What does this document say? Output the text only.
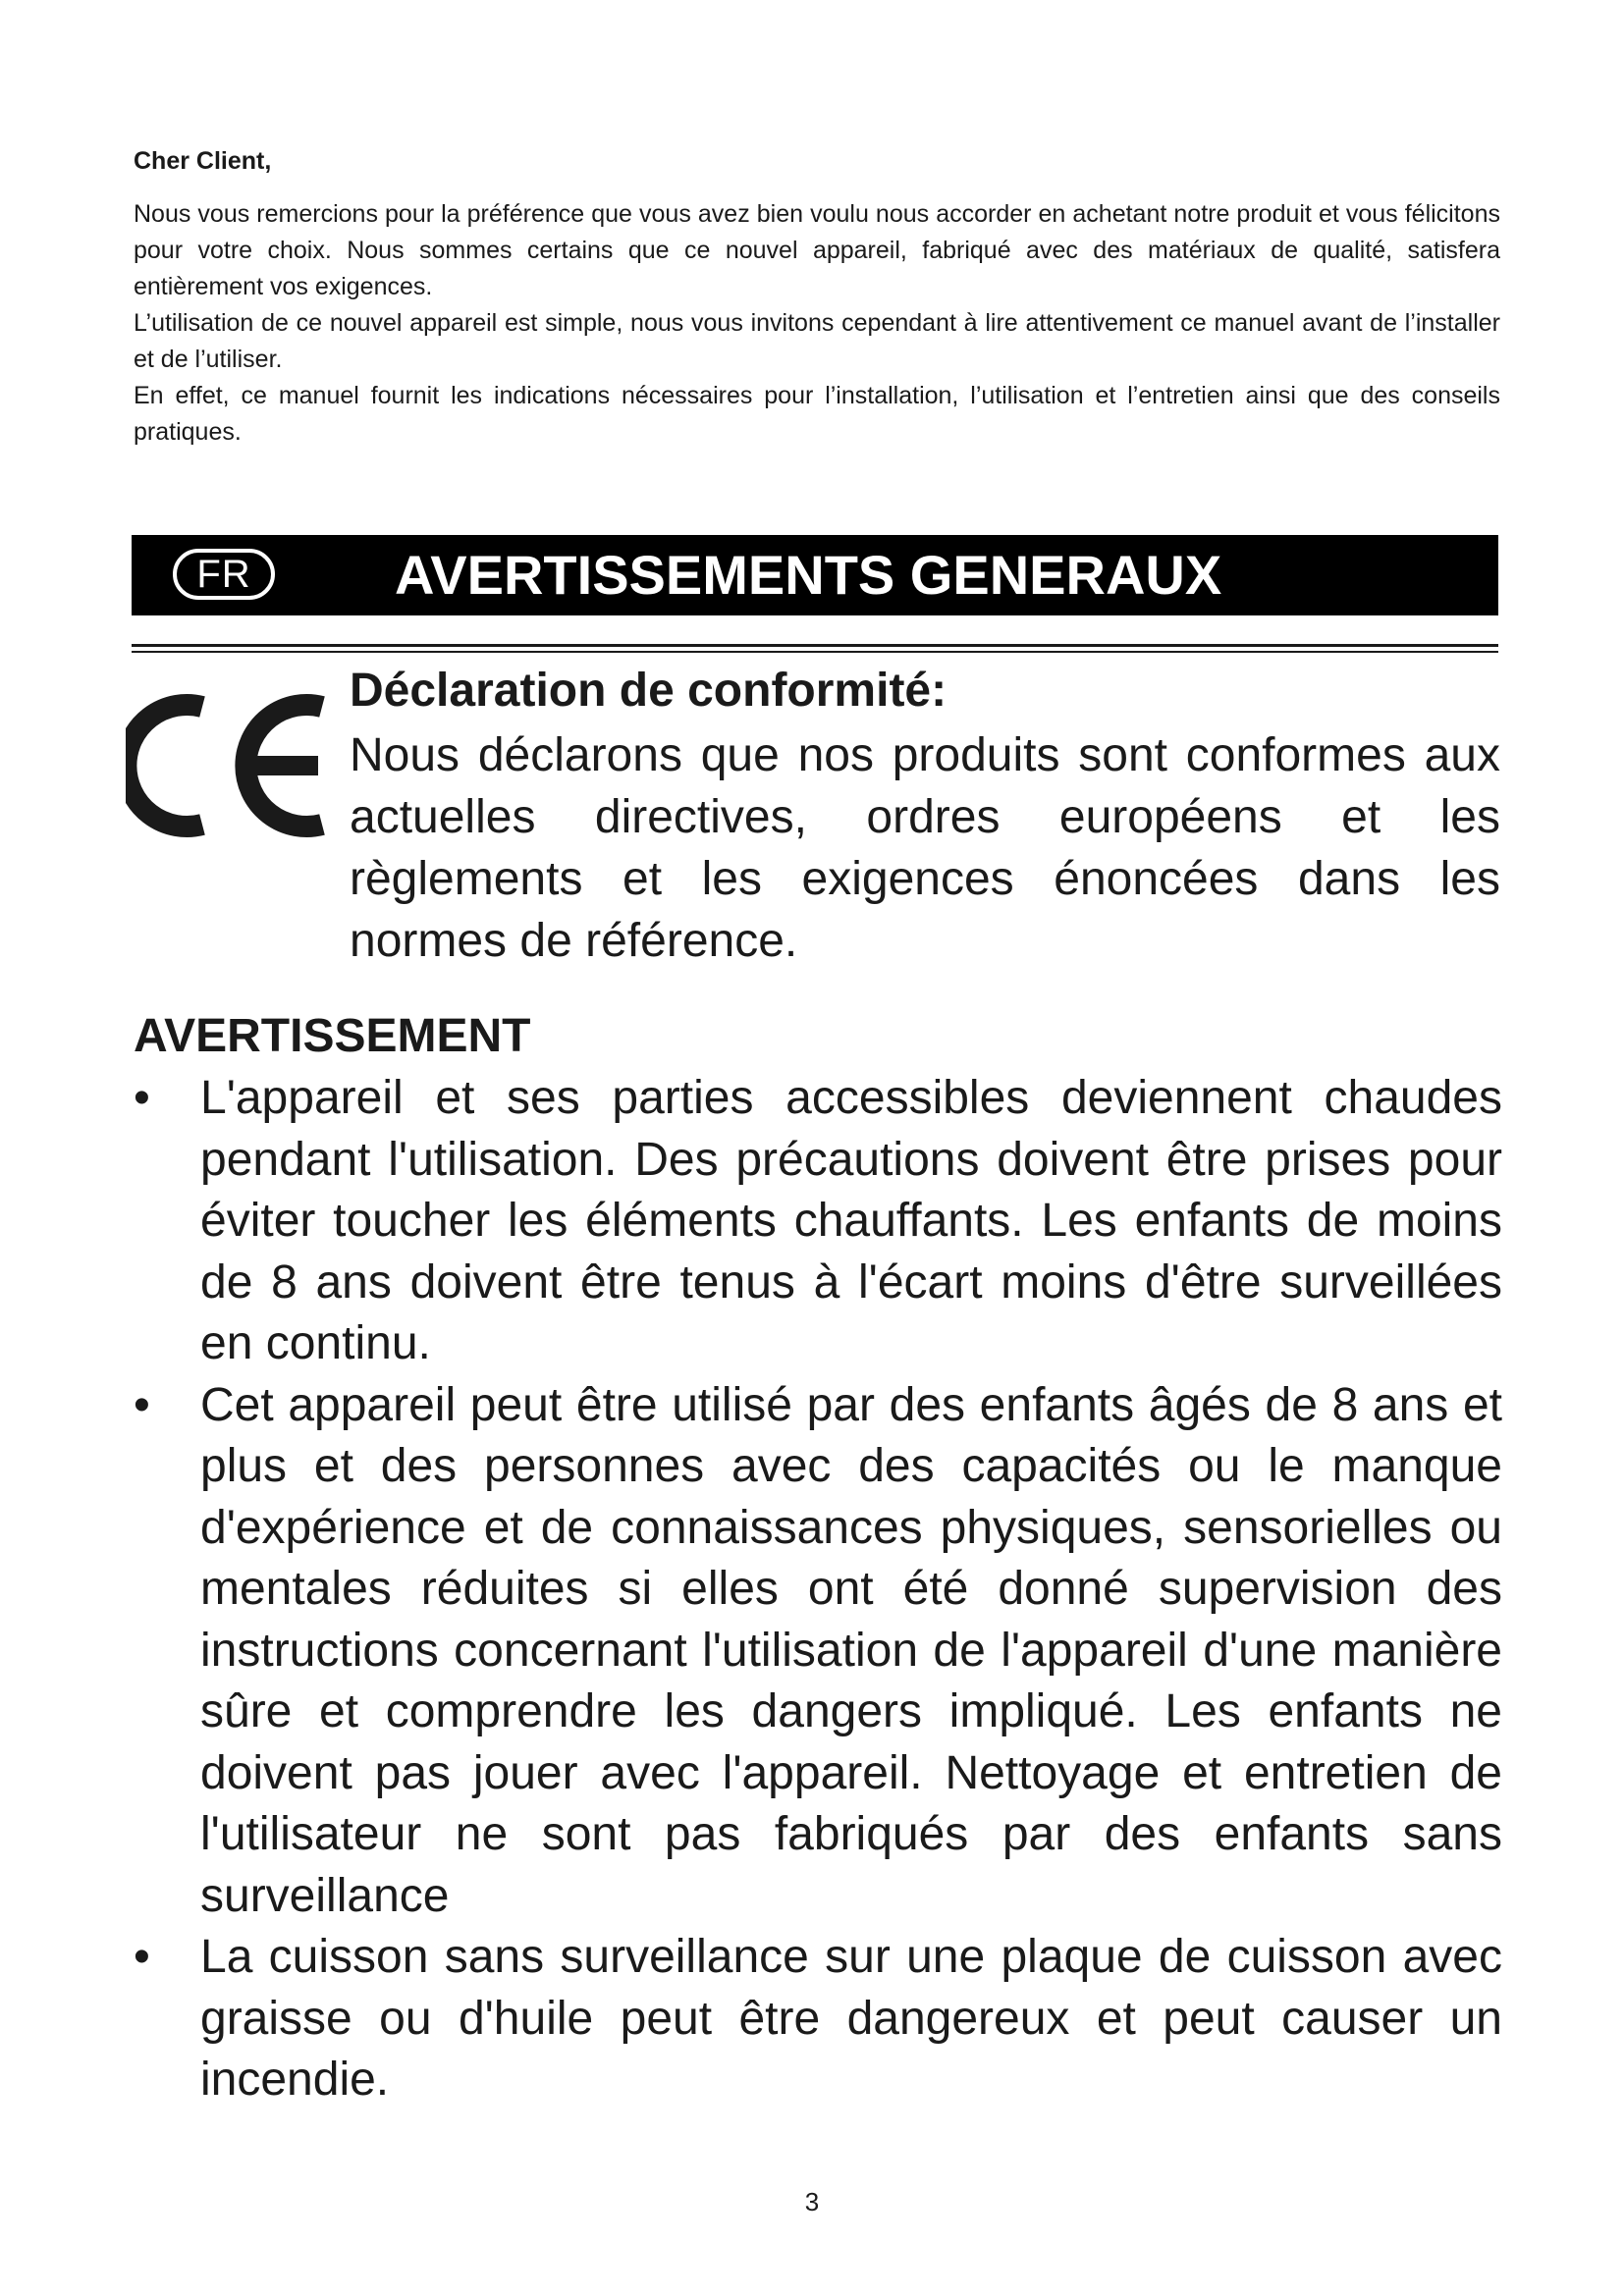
Cher Client,

Nous vous remercions pour la préférence que vous avez bien voulu nous accorder en achetant notre produit et vous félicitons pour votre choix. Nous sommes certains que ce nouvel appareil, fabriqué avec des matériaux de qualité, satisfera entièrement vos exigences.

L’utilisation de ce nouvel appareil est simple, nous vous invitons cependant à lire attentivement ce manuel avant de l’installer et de l’utiliser.

En effet, ce manuel fournit les indications nécessaires pour l’installation, l’utilisation et l’entretien ainsi que des conseils pratiques.

FR	AVERTISSEMENTS GENERAUX
Déclaration de conformité:

Nous déclarons que nos produits sont conformes aux actuelles directives, ordres européens et les règlements et les exigences énoncées dans les normes de référence.

AVERTISSEMENT
•	L'appareil et ses parties accessibles deviennent chaudes pendant l'utilisation. Des précautions doivent être prises pour éviter toucher les éléments chauffants. Les enfants de moins de 8 ans doivent être tenus à l'écart moins d'être surveillées en continu.
•	Cet appareil peut être utilisé par des enfants âgés de 8 ans et plus et des personnes avec des capacités ou le manque d'expérience et de connaissances physiques, sensorielles ou mentales réduites si elles ont été donné supervision des instructions concernant l'utilisation de l'appareil d'une manière sûre et comprendre les dangers impliqué. Les enfants ne doivent pas jouer avec l'appareil. Nettoyage et entretien de l'utilisateur ne sont pas fabriqués par des enfants sans surveillance
•	La cuisson sans surveillance sur une plaque de cuisson avec graisse ou d'huile peut être dangereux et peut causer un incendie.

3
